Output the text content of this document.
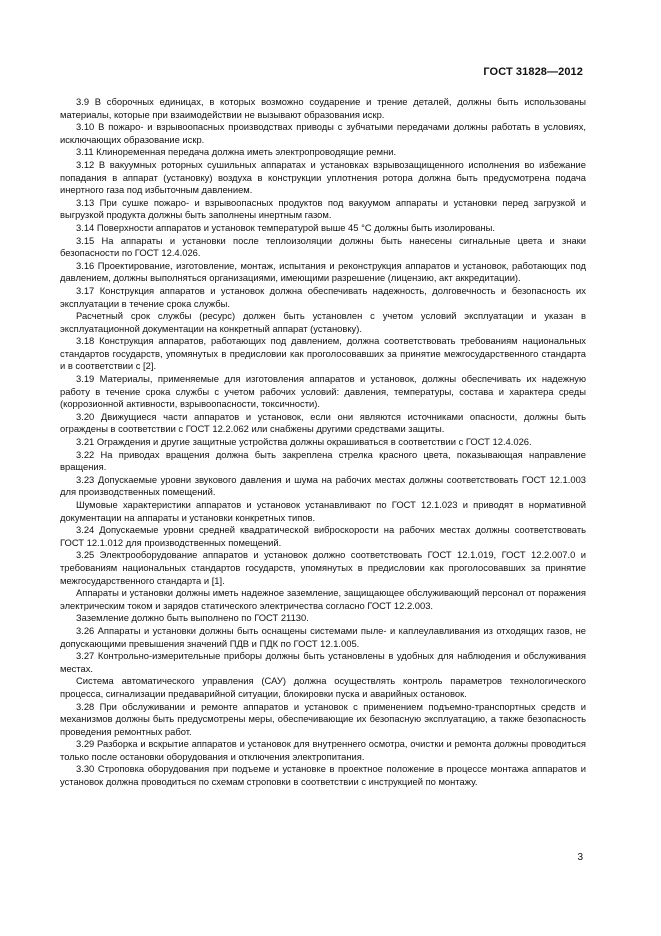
ГОСТ 31828—2012

3.9 В сборочных единицах, в которых возможно соударение и трение деталей, должны быть использованы материалы, которые при взаимодействии не вызывают образования искр.

3.10 В пожаро- и взрывоопасных производствах приводы с зубчатыми передачами должны работать в условиях, исключающих образование искр.

3.11 Клиноременная передача должна иметь электропроводящие ремни.

3.12 В вакуумных роторных сушильных аппаратах и установках взрывозащищенного исполнения во избежание попадания в аппарат (установку) воздуха в конструкции уплотнения ротора должна быть предусмотрена подача инертного газа под избыточным давлением.

3.13 При сушке пожаро- и взрывоопасных продуктов под вакуумом аппараты и установки перед загрузкой и выгрузкой продукта должны быть заполнены инертным газом.

3.14 Поверхности аппаратов и установок температурой выше 45 °С должны быть изолированы.

3.15 На аппараты и установки после теплоизоляции должны быть нанесены сигнальные цвета и знаки безопасности по ГОСТ 12.4.026.

3.16 Проектирование, изготовление, монтаж, испытания и реконструкция аппаратов и установок, работающих под давлением, должны выполняться организациями, имеющими разрешение (лицензию, акт аккредитации).

3.17 Конструкция аппаратов и установок должна обеспечивать надежность, долговечность и безопасность их эксплуатации в течение срока службы.

Расчетный срок службы (ресурс) должен быть установлен с учетом условий эксплуатации и указан в эксплуатационной документации на конкретный аппарат (установку).

3.18 Конструкция аппаратов, работающих под давлением, должна соответствовать требованиям национальных стандартов государств, упомянутых в предисловии как проголосовавших за принятие межгосударственного стандарта и в соответствии с [2].

3.19 Материалы, применяемые для изготовления аппаратов и установок, должны обеспечивать их надежную работу в течение срока службы с учетом рабочих условий: давления, температуры, состава и характера среды (коррозионной активности, взрывоопасности, токсичности).

3.20 Движущиеся части аппаратов и установок, если они являются источниками опасности, должны быть ограждены в соответствии с ГОСТ 12.2.062 или снабжены другими средствами защиты.

3.21 Ограждения и другие защитные устройства должны окрашиваться в соответствии с ГОСТ 12.4.026.

3.22 На приводах вращения должна быть закреплена стрелка красного цвета, показывающая направление вращения.

3.23 Допускаемые уровни звукового давления и шума на рабочих местах должны соответствовать ГОСТ 12.1.003 для производственных помещений.

Шумовые характеристики аппаратов и установок устанавливают по ГОСТ 12.1.023 и приводят в нормативной документации на аппараты и установки конкретных типов.

3.24 Допускаемые уровни средней квадратической виброскорости на рабочих местах должны соответствовать ГОСТ 12.1.012 для производственных помещений.

3.25 Электрооборудование аппаратов и установок должно соответствовать ГОСТ 12.1.019, ГОСТ 12.2.007.0 и требованиям национальных стандартов государств, упомянутых в предисловии как проголосовавших за принятие межгосударственного стандарта и [1].

Аппараты и установки должны иметь надежное заземление, защищающее обслуживающий персонал от поражения электрическим током и зарядов статического электричества согласно ГОСТ 12.2.003.

Заземление должно быть выполнено по ГОСТ 21130.

3.26 Аппараты и установки должны быть оснащены системами пыле- и каплеулавливания из отходящих газов, не допускающими превышения значений ПДВ и ПДК по ГОСТ 12.1.005.

3.27 Контрольно-измерительные приборы должны быть установлены в удобных для наблюдения и обслуживания местах.

Система автоматического управления (САУ) должна осуществлять контроль параметров технологического процесса, сигнализации предаварийной ситуации, блокировки пуска и аварийных остановок.

3.28 При обслуживании и ремонте аппаратов и установок с применением подъемно-транспортных средств и механизмов должны быть предусмотрены меры, обеспечивающие их безопасную эксплуатацию, а также безопасность проведения ремонтных работ.

3.29 Разборка и вскрытие аппаратов и установок для внутреннего осмотра, очистки и ремонта должны проводиться только после остановки оборудования и отключения электропитания.

3.30 Строповка оборудования при подъеме и установке в проектное положение в процессе монтажа аппаратов и установок должна проводиться по схемам строповки в соответствии с инструкцией по монтажу.

3
